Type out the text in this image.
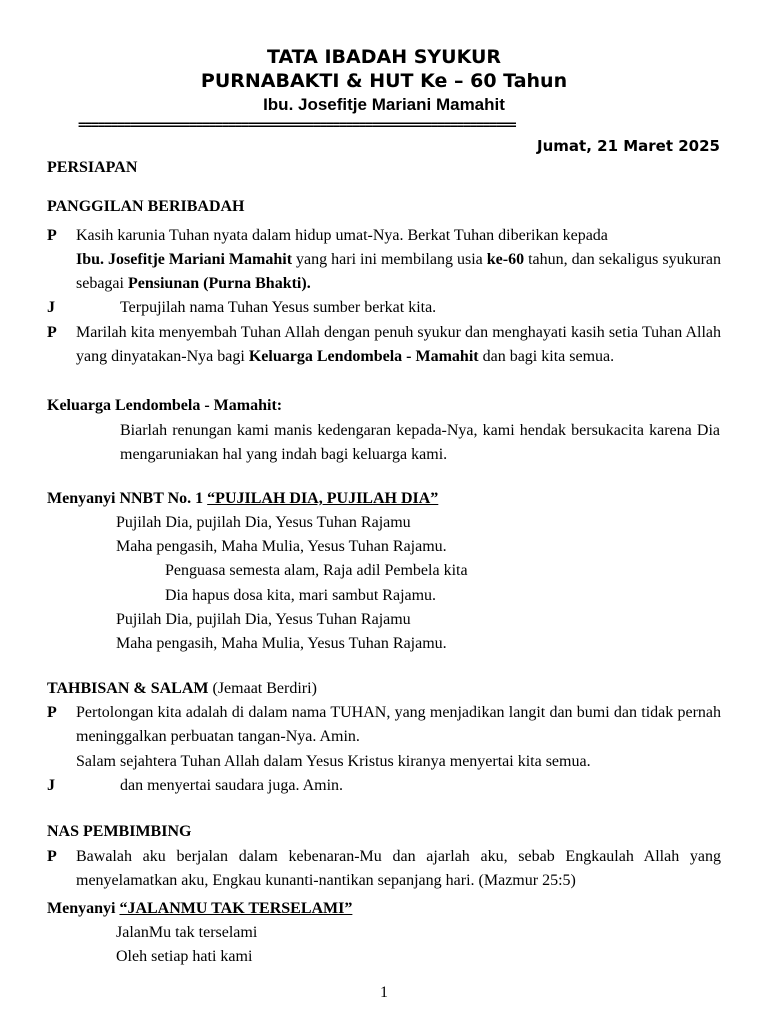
TATA IBADAH SYUKUR
PURNABAKTI & HUT Ke – 60 Tahun
Ibu. Josefitje Mariani Mamahit
===================================================================
Jumat, 21 Maret 2025
PERSIAPAN
PANGGILAN BERIBADAH
P	Kasih karunia Tuhan nyata dalam hidup umat-Nya. Berkat Tuhan diberikan kepada
Ibu. Josefitje Mariani Mamahit yang hari ini membilang usia ke-60 tahun, dan sekaligus syukuran sebagai Pensiunan (Purna Bhakti).
J	Terpujilah nama Tuhan Yesus sumber berkat kita.
P	Marilah kita menyembah Tuhan Allah dengan penuh syukur dan menghayati kasih setia Tuhan Allah yang dinyatakan-Nya bagi Keluarga Lendombela - Mamahit dan bagi kita semua.
Keluarga Lendombela - Mamahit:
Biarlah renungan kami manis kedengaran kepada-Nya, kami hendak bersukacita karena Dia mengaruniakan hal yang indah bagi keluarga kami.
Menyanyi NNBT No. 1 “PUJILAH DIA, PUJILAH DIA”
Pujilah Dia, pujilah Dia, Yesus Tuhan Rajamu
Maha pengasih, Maha Mulia, Yesus Tuhan Rajamu.
Penguasa semesta alam, Raja adil Pembela kita
Dia hapus dosa kita, mari sambut Rajamu.
Pujilah Dia, pujilah Dia, Yesus Tuhan Rajamu
Maha pengasih, Maha Mulia, Yesus Tuhan Rajamu.
TAHBISAN & SALAM (Jemaat Berdiri)
P	Pertolongan kita adalah di dalam nama TUHAN, yang menjadikan langit dan bumi dan tidak pernah meninggalkan perbuatan tangan-Nya. Amin.
Salam sejahtera Tuhan Allah dalam Yesus Kristus kiranya menyertai kita semua.
J	dan menyertai saudara juga. Amin.
NAS PEMBIMBING
P	Bawalah aku berjalan dalam kebenaran-Mu dan ajarlah aku, sebab Engkaulah Allah yang menyelamatkan aku, Engkau kunanti-nantikan sepanjang hari. (Mazmur 25:5)
Menyanyi “JALANMU TAK TERSELAMI”
JalanMu tak terselami
Oleh setiap hati kami
1
